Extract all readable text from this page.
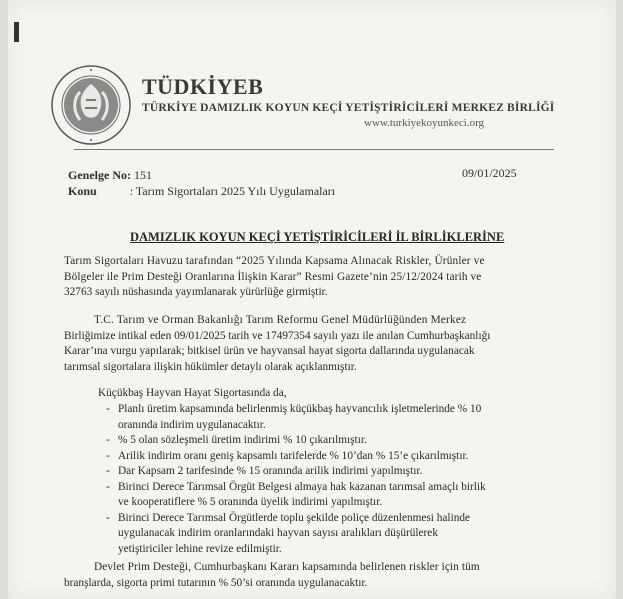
TÜDKİYEB
TÜRKİYE DAMIZLIK KOYUN KEÇİ YETİŞTİRİCİLERİ MERKEZ BİRLİĞİ
www.turkiyekoyunkeci.org
Genelge No: 151	09/01/2025
Konu	: Tarım Sigortaları 2025 Yılı Uygulamaları
DAMIZLIK KOYUN KEÇİ YETİŞTİRİCİLERİ İL BİRLİKLERİNE
Tarım Sigortaları Havuzu tarafından “2025 Yılında Kapsama Alınacak Riskler, Ürünler ve
Bölgeler ile Prim Desteği Oranlarına İlişkin Karar” Resmi Gazete’nin 25/12/2024 tarih ve
32763 sayılı nüshasında yayımlanarak yürürlüğe girmiştir.
T.C. Tarım ve Orman Bakanlığı Tarım Reformu Genel Müdürlüğünden Merkez
Birliğimize intikal eden 09/01/2025 tarih ve 17497354 sayılı yazı ile anılan Cumhurbaşkanlığı
Karar’ına vurgu yapılarak; bitkisel ürün ve hayvansal hayat sigorta dallarında uygulanacak
tarımsal sigortalara ilişkin hükümler detaylı olarak açıklanmıştır.
Küçükbaş Hayvan Hayat Sigortasında da,
- Planlı üretim kapsamında belirlenmiş küçükbaş hayvancılık işletmelerinde % 10
oranında indirim uygulanacaktır.
- % 5 olan sözleşmeli üretim indirimi % 10 çıkarılmıştır.
- Arilik indirim oranı geniş kapsamlı tarifelerde % 10’dan % 15’e çıkarılmıştır.
- Dar Kapsam 2 tarifesinde % 15 oranında arilik indirimi yapılmıştır.
- Birinci Derece Tarımsal Örgüt Belgesi almaya hak kazanan tarımsal amaçlı birlik
ve kooperatiflere % 5 oranında üyelik indirimi yapılmıştır.
- Birinci Derece Tarımsal Örgütlerde toplu şekilde poliçe düzenlenmesi halinde
uygulanacak indirim oranlarındaki hayvan sayısı aralıkları düşürülerek
yetiştiriciler lehine revize edilmiştir.
Devlet Prim Desteği, Cumhurbaşkanı Kararı kapsamında belirlenen riskler için tüm
branşlarda, sigorta primi tutarının % 50’si oranında uygulanacaktır.
